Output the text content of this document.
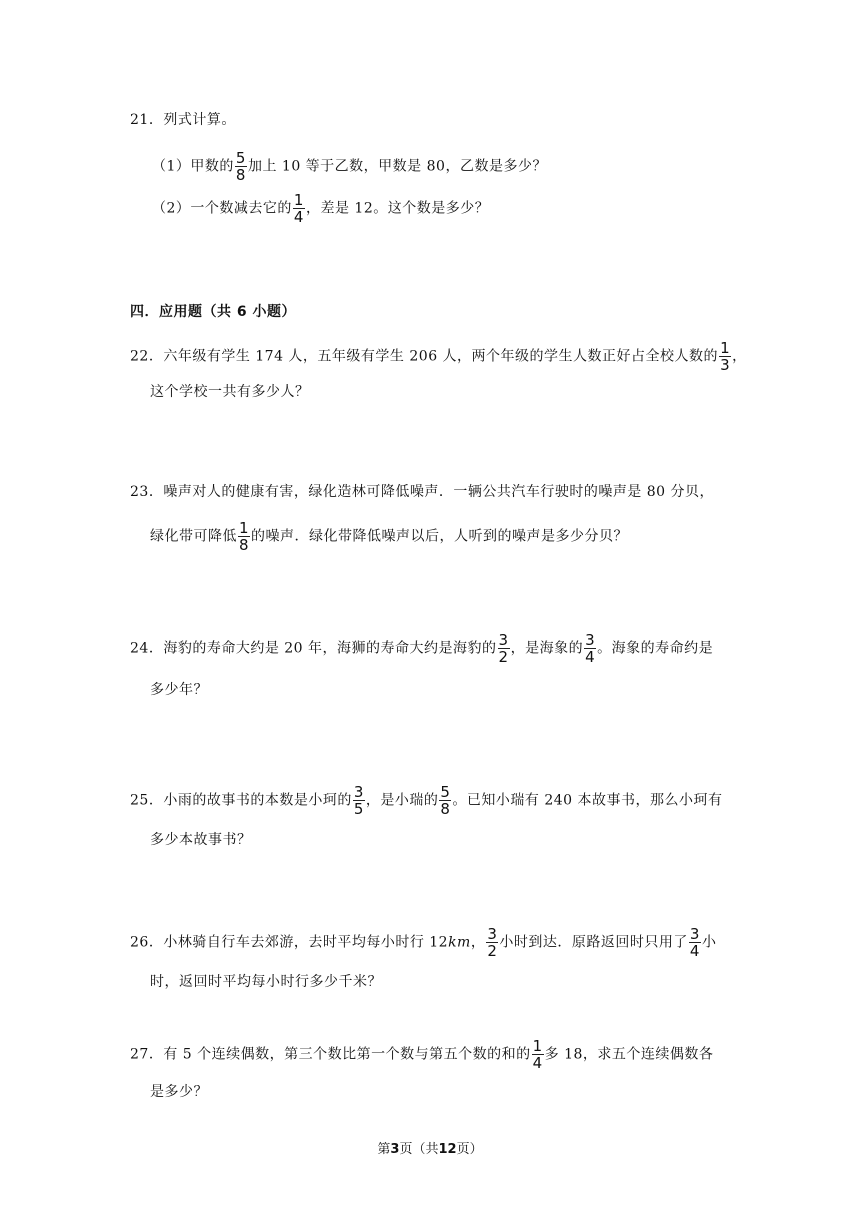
21．列式计算。
（1）甲数的 $\frac{5}{8}$ 加上 10 等于乙数，甲数是 80，乙数是多少？
（2）一个数减去它的 $\frac{1}{4}$ ，差是 12。这个数是多少？
四．应用题（共 6 小题）
22．六年级有学生 174 人，五年级有学生 206 人，两个年级的学生人数正好占全校人数的 $\frac{1}{3}$ ，
这个学校一共有多少人？
23．噪声对人的健康有害，绿化造林可降低噪声．一辆公共汽车行驶时的噪声是 80 分贝，
绿化带可降低 $\frac{1}{8}$ 的噪声．绿化带降低噪声以后，人听到的噪声是多少分贝？
24．海豹的寿命大约是 20 年，海狮的寿命大约是海豹的 $\frac{3}{2}$ ，是海象的 $\frac{3}{4}$ 。海象的寿命约是
多少年？
25．小雨的故事书的本数是小珂的 $\frac{3}{5}$ ，是小瑞的 $\frac{5}{8}$ 。已知小瑞有 240 本故事书，那么小珂有
多少本故事书？
26．小林骑自行车去郊游，去时平均每小时行 12km， $\frac{3}{2}$ 小时到达．原路返回时只用了 $\frac{3}{4}$ 小
时，返回时平均每小时行多少千米？
27．有 5 个连续偶数，第三个数比第一个数与第五个数的和的 $\frac{1}{4}$ 多 18，求五个连续偶数各
是多少？
第3页（共12页）
